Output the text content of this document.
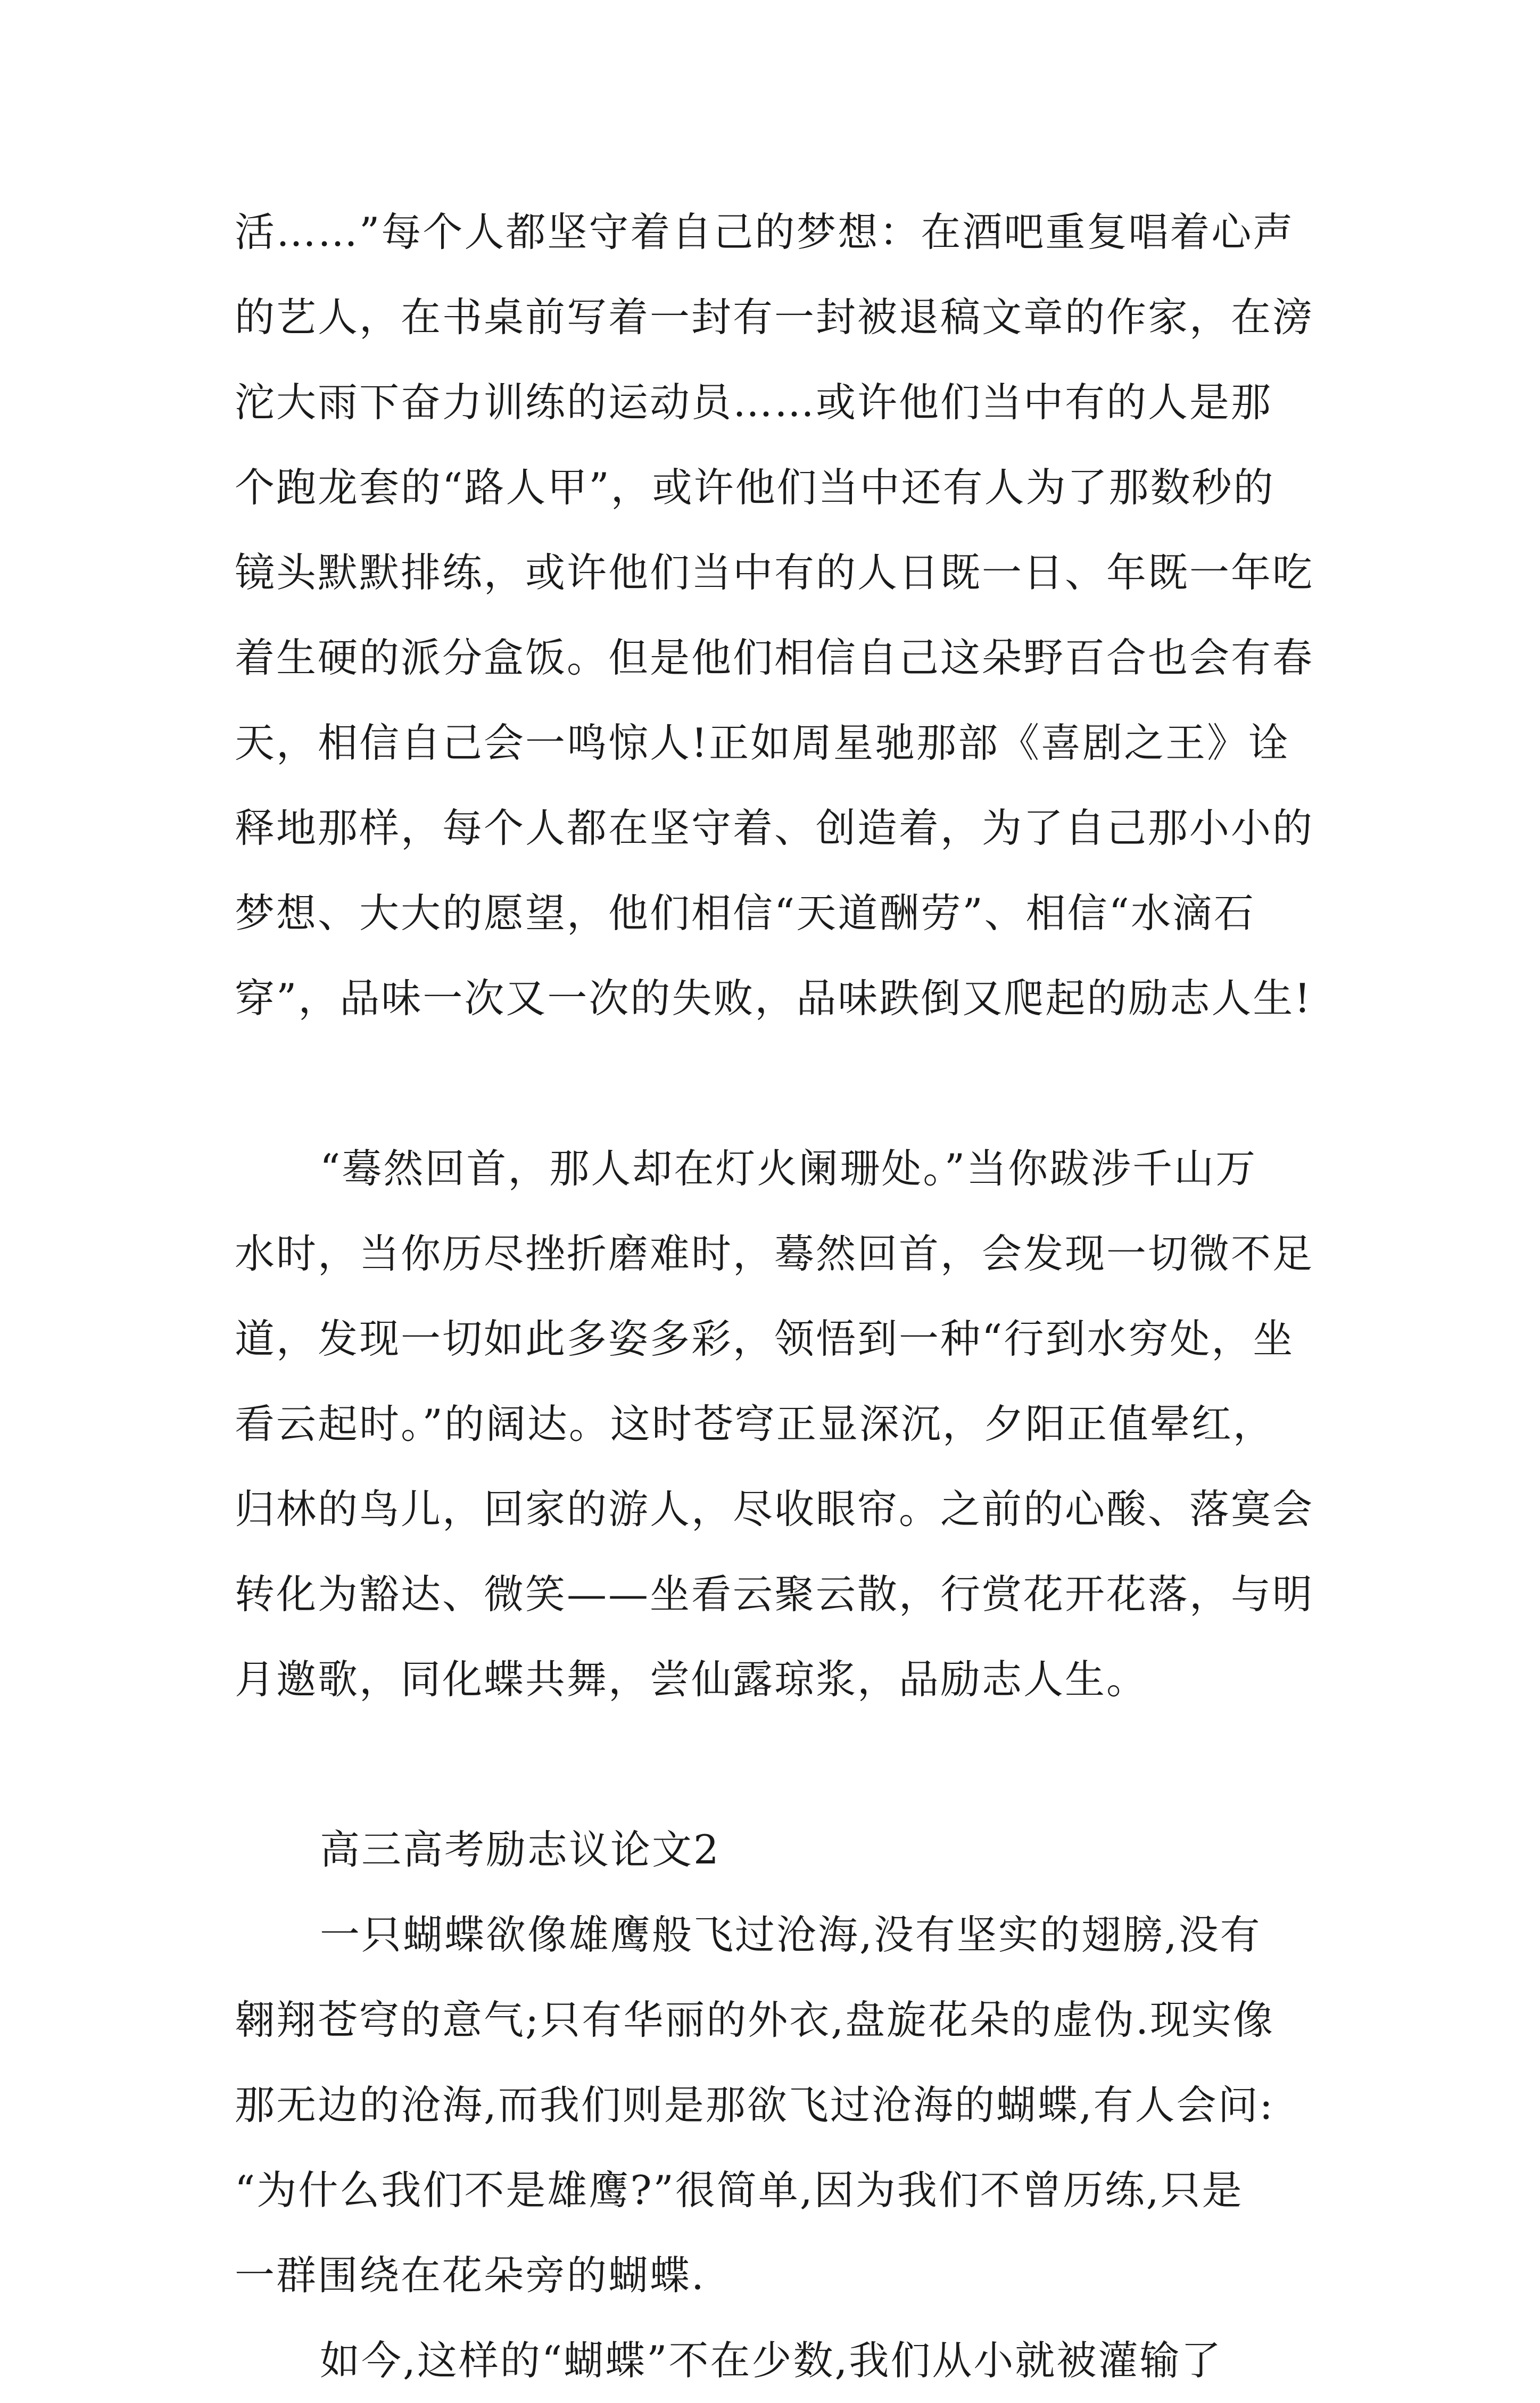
活……”每个人都坚守着自己的梦想：在酒吧重复唱着心声
的艺人，在书桌前写着一封有一封被退稿文章的作家，在滂
沱大雨下奋力训练的运动员……或许他们当中有的人是那
个跑龙套的“路人甲”，或许他们当中还有人为了那数秒的
镜头默默排练，或许他们当中有的人日既一日、年既一年吃
着生硬的派分盒饭。但是他们相信自己这朵野百合也会有春
天，相信自己会一鸣惊人!正如周星驰那部《喜剧之王》诠
释地那样，每个人都在坚守着、创造着，为了自己那小小的
梦想、大大的愿望，他们相信“天道酬劳”、相信“水滴石
穿”，品味一次又一次的失败，品味跌倒又爬起的励志人生!
“蓦然回首，那人却在灯火阑珊处。”当你跋涉千山万
水时，当你历尽挫折磨难时，蓦然回首，会发现一切微不足
道，发现一切如此多姿多彩，领悟到一种“行到水穷处，坐
看云起时。”的阔达。这时苍穹正显深沉，夕阳正值晕红，
归林的鸟儿，回家的游人，尽收眼帘。之前的心酸、落寞会
转化为豁达、微笑——坐看云聚云散，行赏花开花落，与明
月邀歌，同化蝶共舞，尝仙露琼浆，品励志人生。
高三高考励志议论文2
一只蝴蝶欲像雄鹰般飞过沧海,没有坚实的翅膀,没有
翱翔苍穹的意气;只有华丽的外衣,盘旋花朵的虚伪.现实像
那无边的沧海,而我们则是那欲飞过沧海的蝴蝶,有人会问:
“为什么我们不是雄鹰?”很简单,因为我们不曾历练,只是
一群围绕在花朵旁的蝴蝶.
如今,这样的“蝴蝶”不在少数,我们从小就被灌输了
